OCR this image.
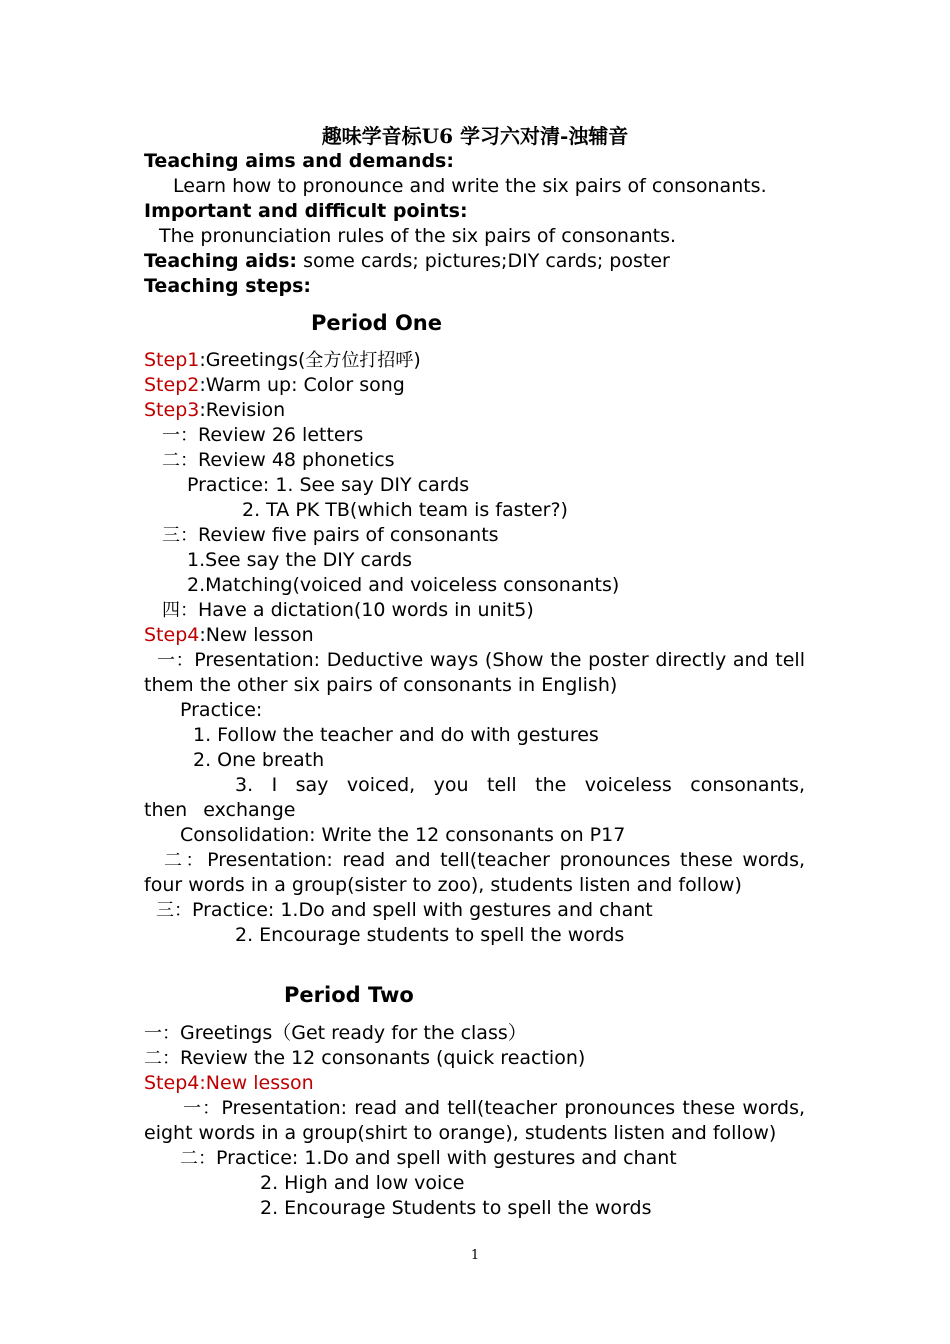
趣味学音标U6 学习六对清-浊辅音
Teaching aims and demands:
Learn how to pronounce and write the six pairs of consonants.
Important and difficult points:
The pronunciation rules of the six pairs of consonants.
Teaching aids: some cards; pictures;DIY cards; poster
Teaching steps:
Period One
Step1:Greetings(全方位打招呼)
Step2:Warm up: Color song
Step3:Revision
一：Review 26 letters
二：Review 48 phonetics
Practice: 1. See say DIY cards
2. TA PK TB(which team is faster?)
三：Review five pairs of consonants
1.See say the DIY cards
2.Matching(voiced and voiceless consonants)
四：Have a dictation(10 words in unit5)
Step4:New lesson
一：Presentation: Deductive ways (Show the poster directly and tell them the other six pairs of consonants in English)
Practice:
1. Follow the teacher and do with gestures
2. One breath
3. I say voiced, you tell the voiceless consonants, then exchange
Consolidation: Write the 12 consonants on P17
二：Presentation: read and tell(teacher pronounces these words, four words in a group(sister to zoo), students listen and follow)
三：Practice: 1.Do and spell with gestures and chant
2. Encourage students to spell the words
Period Two
一：Greetings（Get ready for the class）
二：Review the 12 consonants (quick reaction)
Step4:New lesson
一：Presentation: read and tell(teacher pronounces these words, eight words in a group(shirt to orange), students listen and follow)
二：Practice: 1.Do and spell with gestures and chant
2. High and low voice
2. Encourage Students to spell the words
1
